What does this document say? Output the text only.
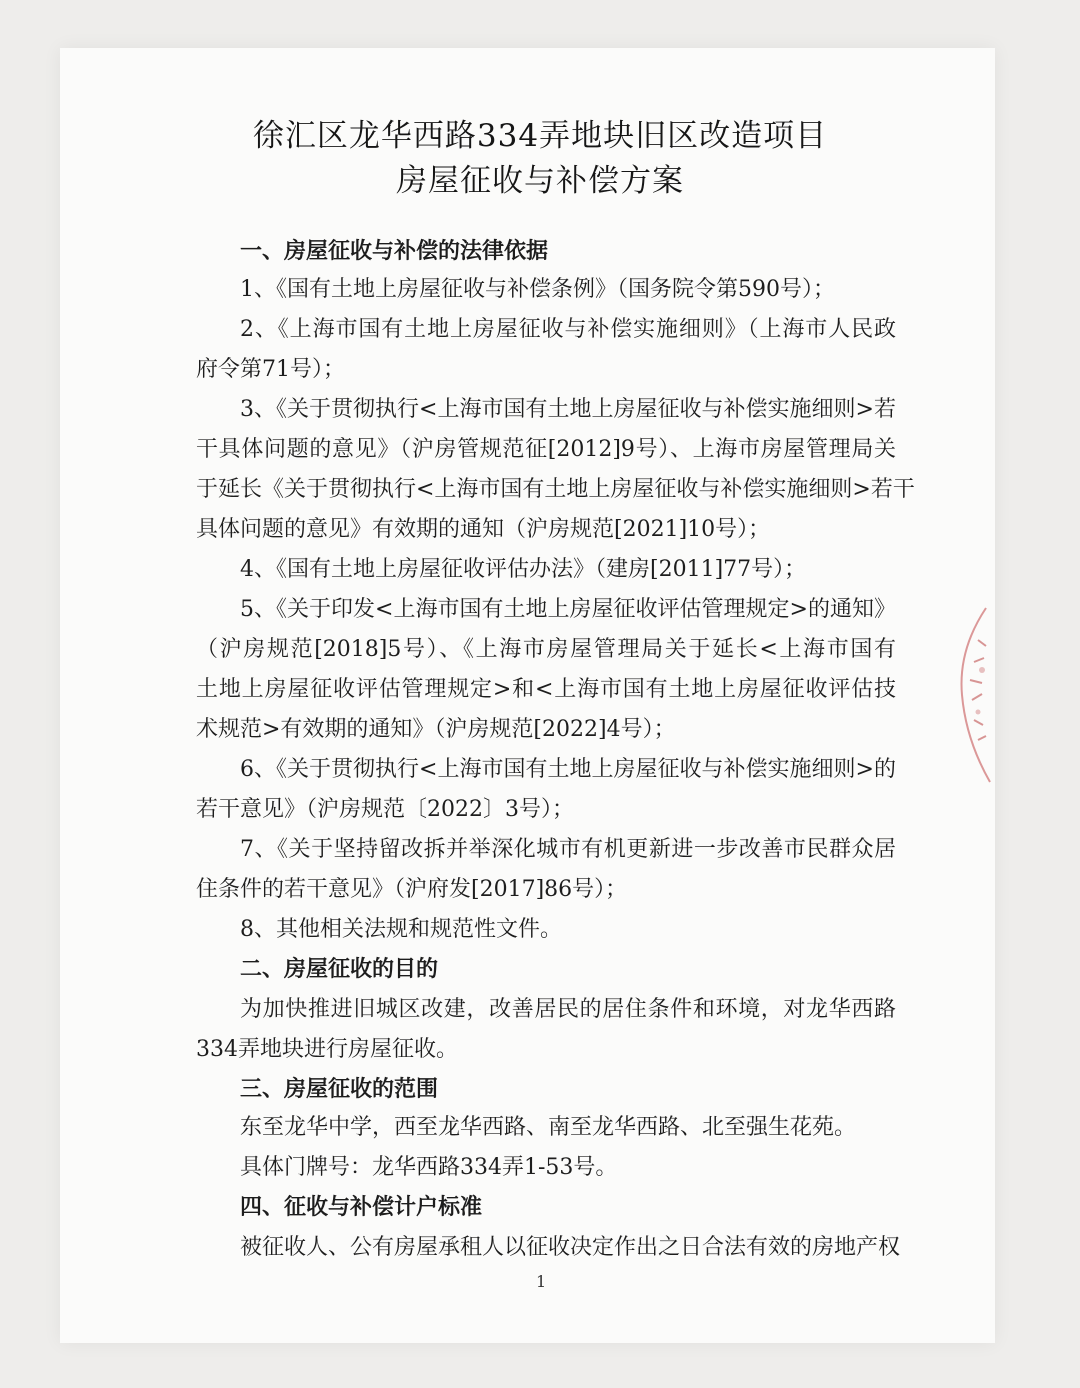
徐汇区龙华西路334弄地块旧区改造项目
房屋征收与补偿方案
一、房屋征收与补偿的法律依据
1、《国有土地上房屋征收与补偿条例》（国务院令第590号）；
2、《上海市国有土地上房屋征收与补偿实施细则》（上海市人民政
府令第71号）；
3、《关于贯彻执行<上海市国有土地上房屋征收与补偿实施细则>若
干具体问题的意见》（沪房管规范征[2012]9号）、上海市房屋管理局关
于延长《关于贯彻执行<上海市国有土地上房屋征收与补偿实施细则>若干
具体问题的意见》有效期的通知（沪房规范[2021]10号）；
4、《国有土地上房屋征收评估办法》（建房[2011]77号）；
5、《关于印发<上海市国有土地上房屋征收评估管理规定>的通知》
（沪房规范[2018]5号）、《上海市房屋管理局关于延长<上海市国有
土地上房屋征收评估管理规定>和<上海市国有土地上房屋征收评估技
术规范>有效期的通知》（沪房规范[2022]4号）；
6、《关于贯彻执行<上海市国有土地上房屋征收与补偿实施细则>的
若干意见》（沪房规范〔2022〕3号）；
7、《关于坚持留改拆并举深化城市有机更新进一步改善市民群众居
住条件的若干意见》（沪府发[2017]86号）；
8、其他相关法规和规范性文件。
二、房屋征收的目的
为加快推进旧城区改建，改善居民的居住条件和环境，对龙华西路
334弄地块进行房屋征收。
三、房屋征收的范围
东至龙华中学，西至龙华西路、南至龙华西路、北至强生花苑。
具体门牌号：龙华西路334弄1-53号。
四、征收与补偿计户标准
被征收人、公有房屋承租人以征收决定作出之日合法有效的房地产权
1
